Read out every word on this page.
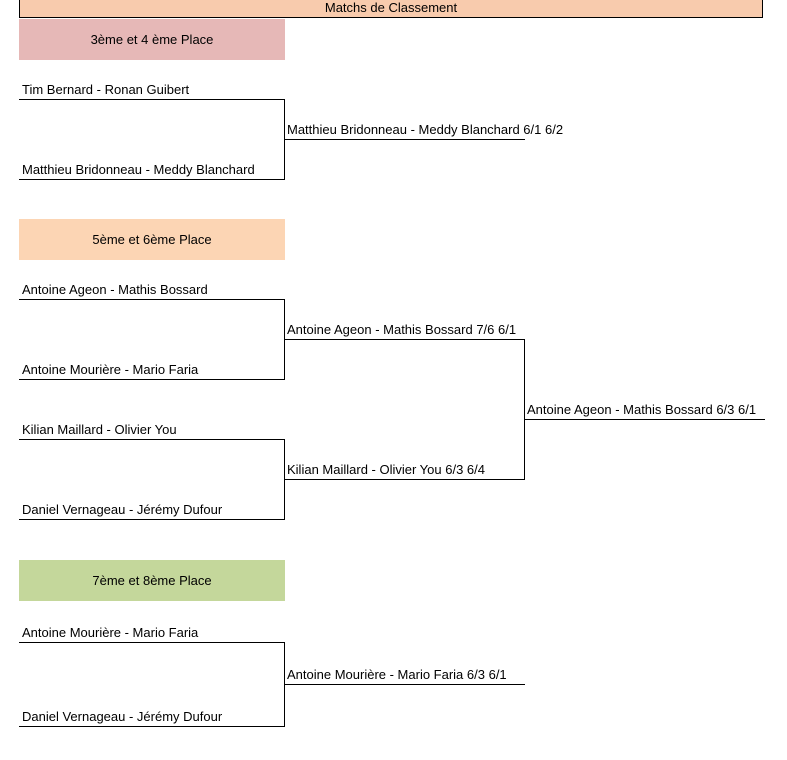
Matchs de Classement
3ème et 4 ème Place
Tim Bernard - Ronan Guibert
Matthieu Bridonneau - Meddy Blanchard
Matthieu Bridonneau - Meddy Blanchard 6/1 6/2
5ème et 6ème Place
Antoine Ageon - Mathis Bossard
Antoine Mourière - Mario Faria
Kilian Maillard - Olivier You
Daniel Vernageau - Jérémy Dufour
Antoine Ageon - Mathis Bossard 7/6 6/1
Kilian Maillard - Olivier You 6/3 6/4
Antoine Ageon - Mathis Bossard 6/3 6/1
7ème et 8ème Place
Antoine Mourière - Mario Faria
Daniel Vernageau - Jérémy Dufour
Antoine Mourière - Mario Faria 6/3 6/1
